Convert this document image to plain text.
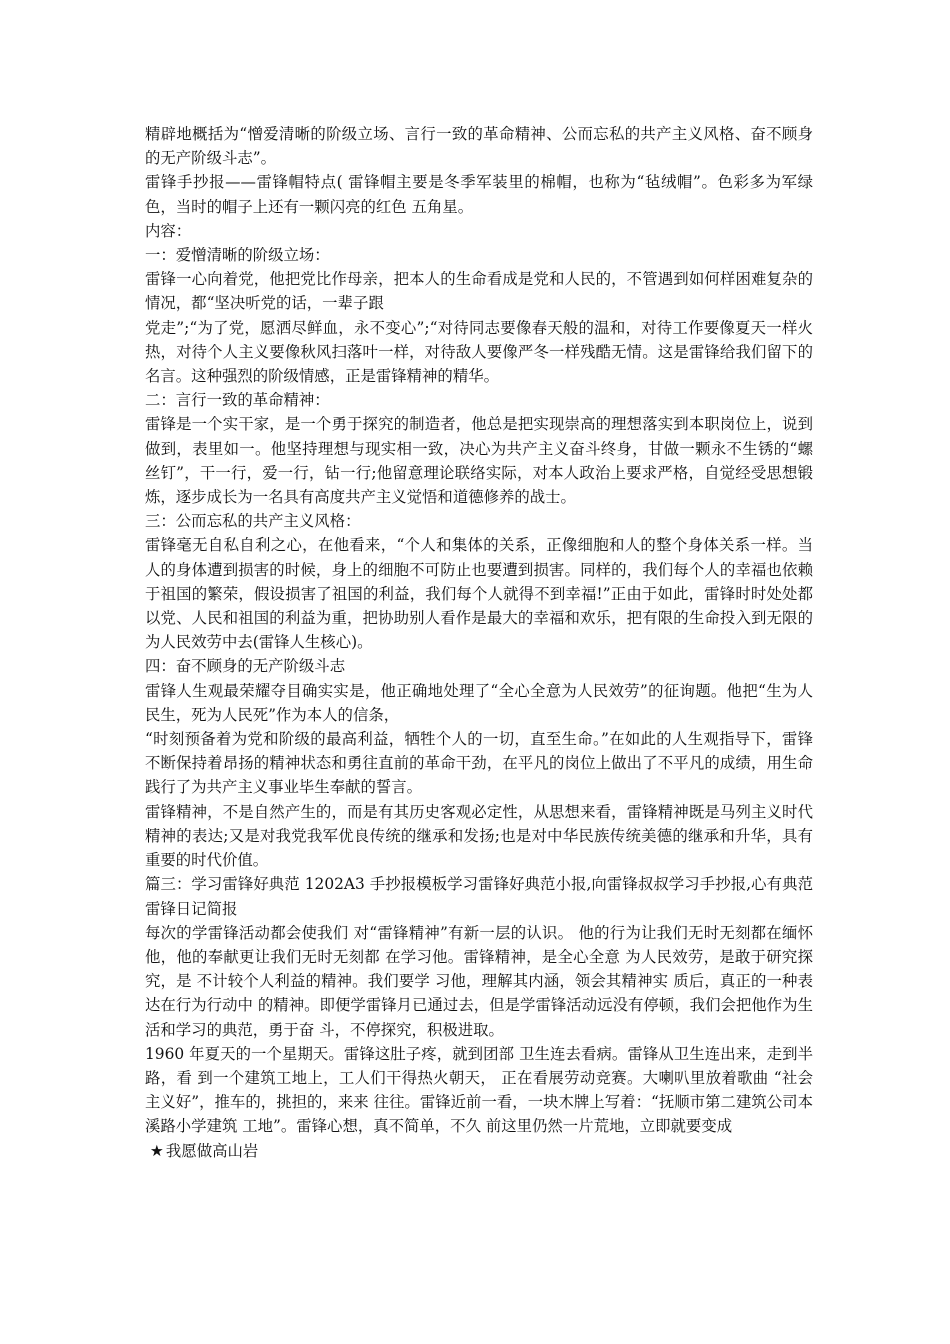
精辟地概括为“憎爱清晰的阶级立场、言行一致的革命精神、公而忘私的共产主义风格、奋不顾身的无产阶级斗志”。

雷锋手抄报——雷锋帽特点( 雷锋帽主要是冬季军装里的棉帽，也称为“毡绒帽”。色彩多为军绿色，当时的帽子上还有一颗闪亮的红色 五角星。

内容：

一：爱憎清晰的阶级立场：

雷锋一心向着党，他把党比作母亲，把本人的生命看成是党和人民的，不管遇到如何样困难复杂的情况，都“坚决听党的话，一辈子跟

党走”;“为了党，愿洒尽鲜血，永不变心”;“对待同志要像春天般的温和，对待工作要像夏天一样火热，对待个人主义要像秋风扫落叶一样，对待敌人要像严冬一样残酷无情。这是雷锋给我们留下的名言。这种强烈的阶级情感，正是雷锋精神的精华。

二：言行一致的革命精神：

雷锋是一个实干家，是一个勇于探究的制造者，他总是把实现崇高的理想落实到本职岗位上，说到做到，表里如一。他坚持理想与现实相一致，决心为共产主义奋斗终身，甘做一颗永不生锈的“螺丝钉”，干一行，爱一行，钻一行;他留意理论联络实际，对本人政治上要求严格，自觉经受思想锻炼，逐步成长为一名具有高度共产主义觉悟和道德修养的战士。

三：公而忘私的共产主义风格：

雷锋毫无自私自利之心，在他看来，“个人和集体的关系，正像细胞和人的整个身体关系一样。当人的身体遭到损害的时候，身上的细胞不可防止也要遭到损害。同样的，我们每个人的幸福也依赖于祖国的繁荣，假设损害了祖国的利益，我们每个人就得不到幸福!”正由于如此，雷锋时时处处都以党、人民和祖国的利益为重，把协助别人看作是最大的幸福和欢乐，把有限的生命投入到无限的为人民效劳中去(雷锋人生核心)。

四：奋不顾身的无产阶级斗志

雷锋人生观最荣耀夺目确实实是，他正确地处理了“全心全意为人民效劳”的征询题。他把“生为人民生，死为人民死”作为本人的信条，

“时刻预备着为党和阶级的最高利益，牺牲个人的一切，直至生命。”在如此的人生观指导下，雷锋不断保持着昂扬的精神状态和勇往直前的革命干劲，在平凡的岗位上做出了不平凡的成绩，用生命践行了为共产主义事业毕生奉献的誓言。

雷锋精神，不是自然产生的，而是有其历史客观必定性，从思想来看，雷锋精神既是马列主义时代精神的表达;又是对我党我军优良传统的继承和发扬;也是对中华民族传统美德的继承和升华，具有重要的时代价值。

篇三：学习雷锋好典范 1202A3 手抄报模板学习雷锋好典范小报,向雷锋叔叔学习手抄报,心有典范雷锋日记简报

每次的学雷锋活动都会使我们 对“雷锋精神”有新一层的认识。 他的行为让我们无时无刻都在缅怀 他，他的奉献更让我们无时无刻都 在学习他。雷锋精神，是全心全意 为人民效劳，是敢于研究探究，是 不计较个人利益的精神。我们要学 习他，理解其内涵，领会其精神实 质后，真正的一种表达在行为行动中 的精神。即便学雷锋月已通过去，但是学雷锋活动远没有停顿，我们会把他作为生活和学习的典范，勇于奋 斗，不停探究，积极进取。

1960 年夏天的一个星期天。雷锋这肚子疼，就到团部 卫生连去看病。雷锋从卫生连出来，走到半路，看 到一个建筑工地上，工人们干得热火朝天， 正在看展劳动竞赛。大喇叭里放着歌曲 “社会主义好”，推车的，挑担的，来来 往往。雷锋近前一看，一块木牌上写着：“抚顺市第二建筑公司本溪路小学建筑 工地”。雷锋心想，真不简单，不久 前这里仍然一片荒地，立即就要变成

★ 我愿做高山岩
